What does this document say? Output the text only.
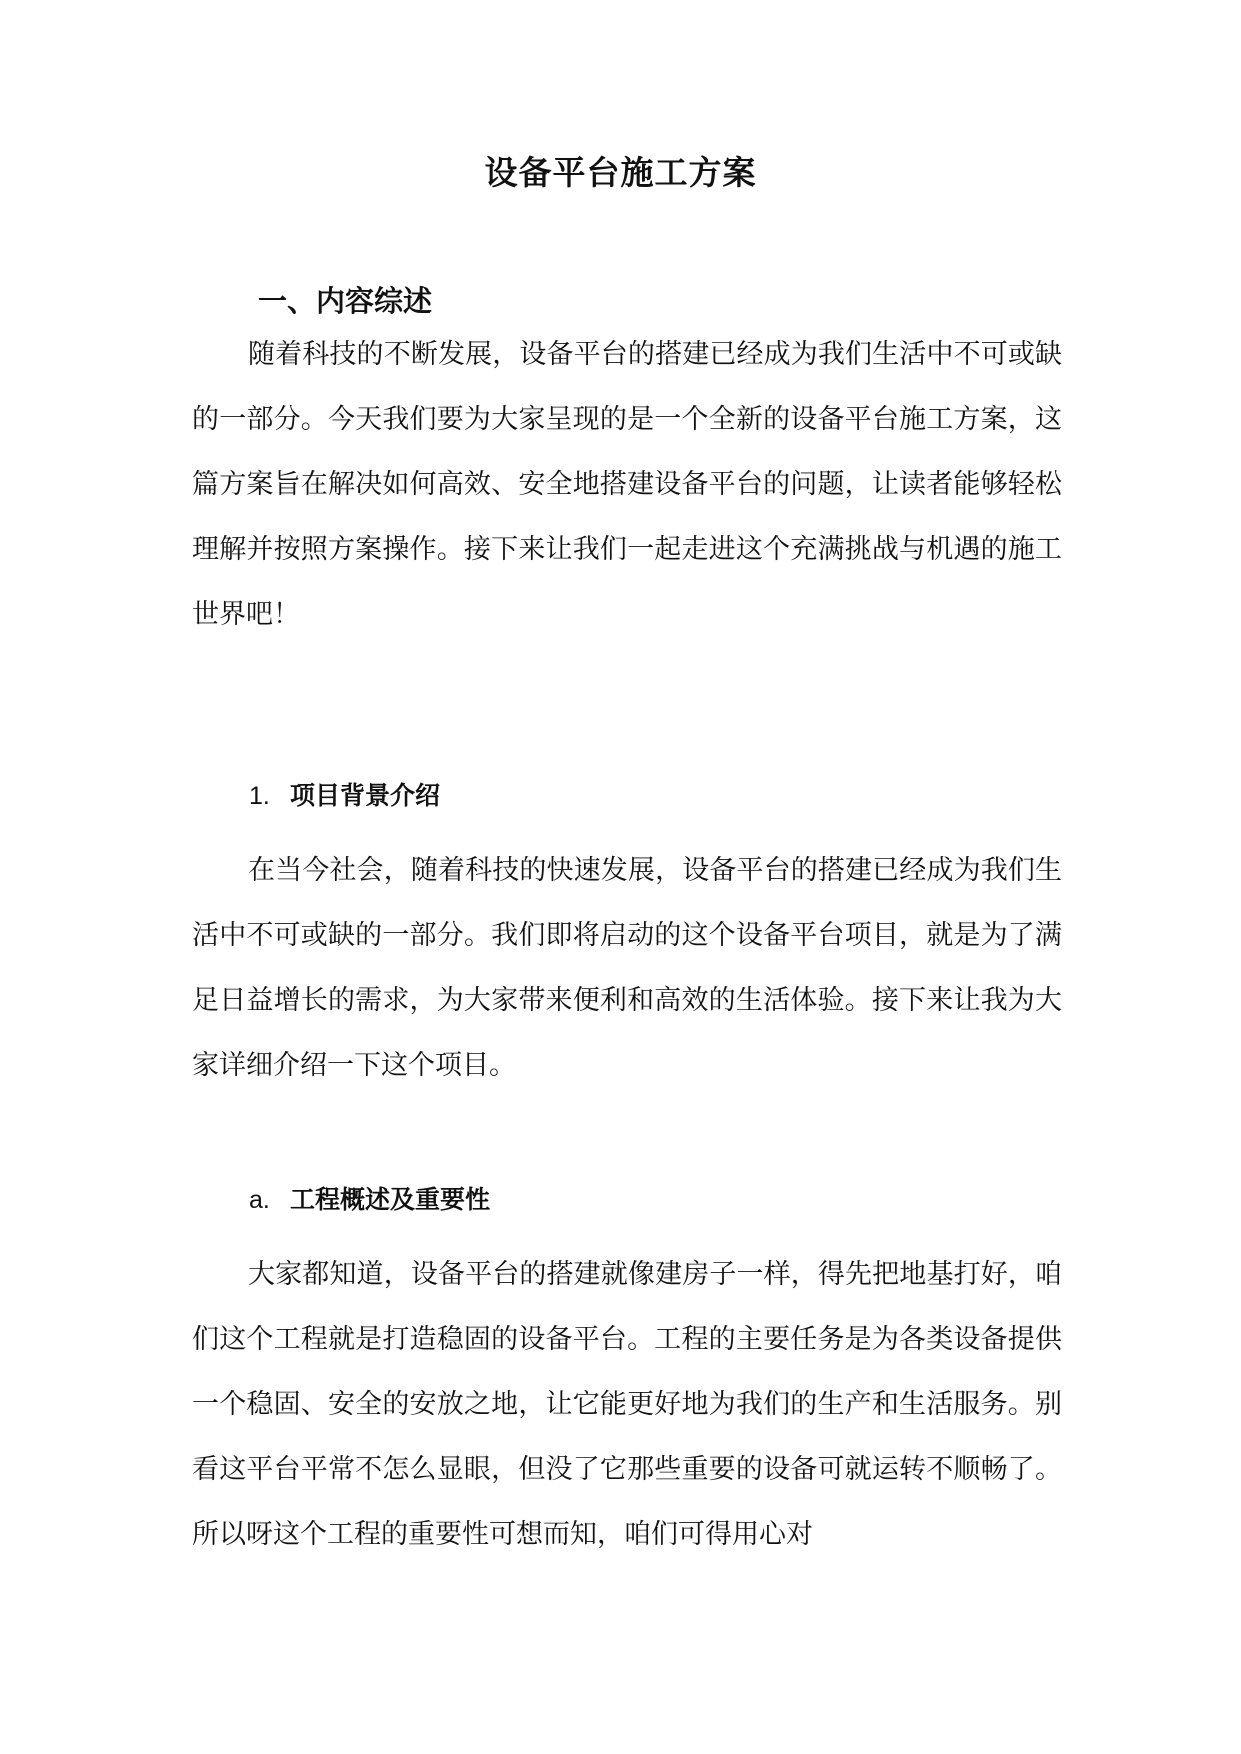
设备平台施工方案
一、内容综述

随着科技的不断发展，设备平台的搭建已经成为我们生活中不可或缺的一部分。今天我们要为大家呈现的是一个全新的设备平台施工方案，这篇方案旨在解决如何高效、安全地搭建设备平台的问题，让读者能够轻松理解并按照方案操作。接下来让我们一起走进这个充满挑战与机遇的施工世界吧！

1. 项目背景介绍

在当今社会，随着科技的快速发展，设备平台的搭建已经成为我们生活中不可或缺的一部分。我们即将启动的这个设备平台项目，就是为了满足日益增长的需求，为大家带来便利和高效的生活体验。接下来让我为大家详细介绍一下这个项目。

a. 工程概述及重要性

大家都知道，设备平台的搭建就像建房子一样，得先把地基打好，咱们这个工程就是打造稳固的设备平台。工程的主要任务是为各类设备提供一个稳固、安全的安放之地，让它能更好地为我们的生产和生活服务。别看这平台平常不怎么显眼，但没了它那些重要的设备可就运转不顺畅了。所以呀这个工程的重要性可想而知，咱们可得用心对
